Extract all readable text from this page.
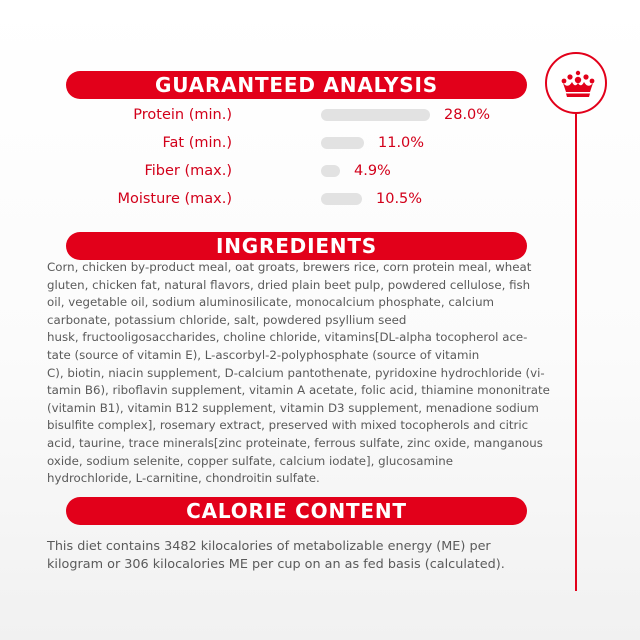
GUARANTEED ANALYSIS
Protein (min.)	28.0%
Fat (min.)	11.0%
Fiber (max.)	4.9%
Moisture (max.)	10.5%
INGREDIENTS

Corn, chicken by-product meal, oat groats, brewers rice, corn protein meal, wheat
gluten, chicken fat, natural flavors, dried plain beet pulp, powdered cellulose, fish
oil, vegetable oil, sodium aluminosilicate, monocalcium phosphate, calcium
carbonate, potassium chloride, salt, powdered psyllium seed
husk, fructooligosaccharides, choline chloride, vitamins[DL-alpha tocopherol ace-
tate (source of vitamin E), L-ascorbyl-2-polyphosphate (source of vitamin
C), biotin, niacin supplement, D-calcium pantothenate, pyridoxine hydrochloride (vi-
tamin B6), riboflavin supplement, vitamin A acetate, folic acid, thiamine mononitrate
(vitamin B1), vitamin B12 supplement, vitamin D3 supplement, menadione sodium
bisulfite complex], rosemary extract, preserved with mixed tocopherols and citric
acid, taurine, trace minerals[zinc proteinate, ferrous sulfate, zinc oxide, manganous
oxide, sodium selenite, copper sulfate, calcium iodate], glucosamine
hydrochloride, L-carnitine, chondroitin sulfate.

CALORIE CONTENT

This diet contains 3482 kilocalories of metabolizable energy (ME) per
kilogram or 306 kilocalories ME per cup on an as fed basis (calculated).
